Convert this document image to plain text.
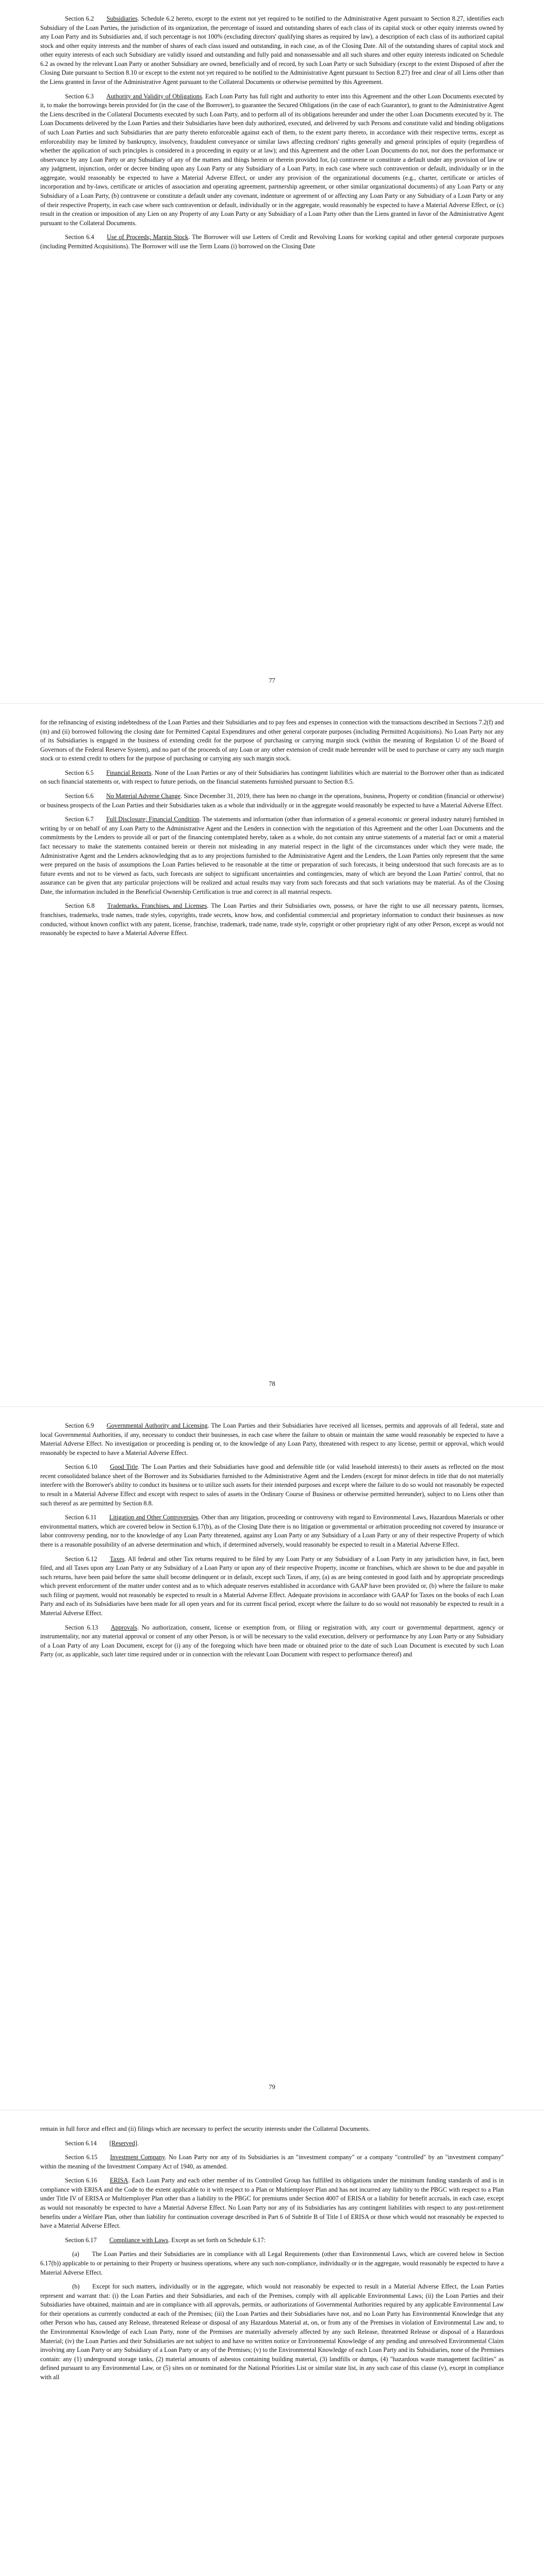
Section 6.2   Subsidiaries. Schedule 6.2 hereto, except to the extent not yet required to be notified to the Administrative Agent pursuant to Section 8.27, identifies each Subsidiary of the Loan Parties, the jurisdiction of its organization, the percentage of issued and outstanding shares of each class of its capital stock or other equity interests owned by any Loan Party and its Subsidiaries and, if such percentage is not 100% (excluding directors' qualifying shares as required by law), a description of each class of its authorized capital stock and other equity interests and the number of shares of each class issued and outstanding, in each case, as of the Closing Date. All of the outstanding shares of capital stock and other equity interests of each such Subsidiary are validly issued and outstanding and fully paid and nonassessable and all such shares and other equity interests indicated on Schedule 6.2 as owned by the relevant Loan Party or another Subsidiary are owned, beneficially and of record, by such Loan Party or such Subsidiary (except to the extent Disposed of after the Closing Date pursuant to Section 8.10 or except to the extent not yet required to be notified to the Administrative Agent pursuant to Section 8.27) free and clear of all Liens other than the Liens granted in favor of the Administrative Agent pursuant to the Collateral Documents or otherwise permitted by this Agreement.

Section 6.3   Authority and Validity of Obligations. Each Loan Party has full right and authority to enter into this Agreement and the other Loan Documents executed by it, to make the borrowings herein provided for (in the case of the Borrower), to guarantee the Secured Obligations (in the case of each Guarantor), to grant to the Administrative Agent the Liens described in the Collateral Documents executed by such Loan Party, and to perform all of its obligations hereunder and under the other Loan Documents executed by it. The Loan Documents delivered by the Loan Parties and their Subsidiaries have been duly authorized, executed, and delivered by such Persons and constitute valid and binding obligations of such Loan Parties and such Subsidiaries that are party thereto enforceable against each of them, to the extent party thereto, in accordance with their respective terms, except as enforceability may be limited by bankruptcy, insolvency, fraudulent conveyance or similar laws affecting creditors' rights generally and general principles of equity (regardless of whether the application of such principles is considered in a proceeding in equity or at law); and this Agreement and the other Loan Documents do not, nor does the performance or observance by any Loan Party or any Subsidiary of any of the matters and things herein or therein provided for, (a) contravene or constitute a default under any provision of law or any judgment, injunction, order or decree binding upon any Loan Party or any Subsidiary of a Loan Party, in each case where such contravention or default, individually or in the aggregate, would reasonably be expected to have a Material Adverse Effect, or under any provision of the organizational documents (e.g., charter, certificate or articles of incorporation and by-laws, certificate or articles of association and operating agreement, partnership agreement, or other similar organizational documents) of any Loan Party or any Subsidiary of a Loan Party, (b) contravene or constitute a default under any covenant, indenture or agreement of or affecting any Loan Party or any Subsidiary of a Loan Party or any of their respective Property, in each case where such contravention or default, individually or in the aggregate, would reasonably be expected to have a Material Adverse Effect, or (c) result in the creation or imposition of any Lien on any Property of any Loan Party or any Subsidiary of a Loan Party other than the Liens granted in favor of the Administrative Agent pursuant to the Collateral Documents.

Section 6.4   Use of Proceeds; Margin Stock. The Borrower will use Letters of Credit and Revolving Loans for working capital and other general corporate purposes (including Permitted Acquisitions). The Borrower will use the Term Loans (i) borrowed on the Closing Date

77

for the refinancing of existing indebtedness of the Loan Parties and their Subsidiaries and to pay fees and expenses in connection with the transactions described in Sections 7.2(f) and (m) and (ii) borrowed following the closing date for Permitted Capital Expenditures and other general corporate purposes (including Permitted Acquisitions). No Loan Party nor any of its Subsidiaries is engaged in the business of extending credit for the purpose of purchasing or carrying margin stock (within the meaning of Regulation U of the Board of Governors of the Federal Reserve System), and no part of the proceeds of any Loan or any other extension of credit made hereunder will be used to purchase or carry any such margin stock or to extend credit to others for the purpose of purchasing or carrying any such margin stock.

Section 6.5   Financial Reports. None of the Loan Parties or any of their Subsidiaries has contingent liabilities which are material to the Borrower other than as indicated on such financial statements or, with respect to future periods, on the financial statements furnished pursuant to Section 8.5.

Section 6.6   No Material Adverse Change. Since December 31, 2019, there has been no change in the operations, business, Property or condition (financial or otherwise) or business prospects of the Loan Parties and their Subsidiaries taken as a whole that individually or in the aggregate would reasonably be expected to have a Material Adverse Effect.

Section 6.7   Full Disclosure; Financial Condition. The statements and information (other than information of a general economic or general industry nature) furnished in writing by or on behalf of any Loan Party to the Administrative Agent and the Lenders in connection with the negotiation of this Agreement and the other Loan Documents and the commitments by the Lenders to provide all or part of the financing contemplated hereby, taken as a whole, do not contain any untrue statements of a material fact or omit a material fact necessary to make the statements contained herein or therein not misleading in any material respect in the light of the circumstances under which they were made, the Administrative Agent and the Lenders acknowledging that as to any projections furnished to the Administrative Agent and the Lenders, the Loan Parties only represent that the same were prepared on the basis of assumptions the Loan Parties believed to be reasonable at the time or preparation of such forecasts, it being understood that such forecasts are as to future events and not to be viewed as facts, such forecasts are subject to significant uncertainties and contingencies, many of which are beyond the Loan Parties' control, that no assurance can be given that any particular projections will be realized and actual results may vary from such forecasts and that such variations may be material. As of the Closing Date, the information included in the Beneficial Ownership Certification is true and correct in all material respects.

Section 6.8   Trademarks, Franchises, and Licenses. The Loan Parties and their Subsidiaries own, possess, or have the right to use all necessary patents, licenses, franchises, trademarks, trade names, trade styles, copyrights, trade secrets, know how, and confidential commercial and proprietary information to conduct their businesses as now conducted, without known conflict with any patent, license, franchise, trademark, trade name, trade style, copyright or other proprietary right of any other Person, except as would not reasonably be expected to have a Material Adverse Effect.

78

Section 6.9   Governmental Authority and Licensing. The Loan Parties and their Subsidiaries have received all licenses, permits and approvals of all federal, state and local Governmental Authorities, if any, necessary to conduct their businesses, in each case where the failure to obtain or maintain the same would reasonably be expected to have a Material Adverse Effect. No investigation or proceeding is pending or, to the knowledge of any Loan Party, threatened with respect to any license, permit or approval, which would reasonably be expected to have a Material Adverse Effect.

Section 6.10   Good Title. The Loan Parties and their Subsidiaries have good and defensible title (or valid leasehold interests) to their assets as reflected on the most recent consolidated balance sheet of the Borrower and its Subsidiaries furnished to the Administrative Agent and the Lenders (except for minor defects in title that do not materially interfere with the Borrower's ability to conduct its business or to utilize such assets for their intended purposes and except where the failure to do so would not reasonably be expected to result in a Material Adverse Effect and except with respect to sales of assets in the Ordinary Course of Business or otherwise permitted hereunder), subject to no Liens other than such thereof as are permitted by Section 8.8.

Section 6.11   Litigation and Other Controversies. Other than any litigation, proceeding or controversy with regard to Environmental Laws, Hazardous Materials or other environmental matters, which are covered below in Section 6.17(b), as of the Closing Date there is no litigation or governmental or arbitration proceeding not covered by insurance or labor controversy pending, nor to the knowledge of any Loan Party threatened, against any Loan Party or any Subsidiary of a Loan Party or any of their respective Property of which there is a reasonable possibility of an adverse determination and which, if determined adversely, would reasonably be expected to result in a Material Adverse Effect.

Section 6.12   Taxes. All federal and other Tax returns required to be filed by any Loan Party or any Subsidiary of a Loan Party in any jurisdiction have, in fact, been filed, and all Taxes upon any Loan Party or any Subsidiary of a Loan Party or upon any of their respective Property, income or franchises, which are shown to be due and payable in such returns, have been paid before the same shall become delinquent or in default, except such Taxes, if any, (a) as are being contested in good faith and by appropriate proceedings which prevent enforcement of the matter under contest and as to which adequate reserves established in accordance with GAAP have been provided or, (b) where the failure to make such filing or payment, would not reasonably be expected to result in a Material Adverse Effect. Adequate provisions in accordance with GAAP for Taxes on the books of each Loan Party and each of its Subsidiaries have been made for all open years and for its current fiscal period, except where the failure to do so would not reasonably be expected to result in a Material Adverse Effect.

Section 6.13   Approvals. No authorization, consent, license or exemption from, or filing or registration with, any court or governmental department, agency or instrumentality, nor any material approval or consent of any other Person, is or will be necessary to the valid execution, delivery or performance by any Loan Party or any Subsidiary of a Loan Party of any Loan Document, except for (i) any of the foregoing which have been made or obtained prior to the date of such Loan Document is executed by such Loan Party (or, as applicable, such later time required under or in connection with the relevant Loan Document with respect to performance thereof) and

79

remain in full force and effect and (ii) filings which are necessary to perfect the security interests under the Collateral Documents.

Section 6.14   [Reserved].

Section 6.15   Investment Company. No Loan Party nor any of its Subsidiaries is an "investment company" or a company "controlled" by an "investment company" within the meaning of the Investment Company Act of 1940, as amended.

Section 6.16   ERISA. Each Loan Party and each other member of its Controlled Group has fulfilled its obligations under the minimum funding standards of and is in compliance with ERISA and the Code to the extent applicable to it with respect to a Plan or Multiemployer Plan and has not incurred any liability to the PBGC with respect to a Plan under Title IV of ERISA or Multiemployer Plan other than a liability to the PBGC for premiums under Section 4007 of ERISA or a liability for benefit accruals, in each case, except as would not reasonably be expected to have a Material Adverse Effect. No Loan Party nor any of its Subsidiaries has any contingent liabilities with respect to any post-retirement benefits under a Welfare Plan, other than liability for continuation coverage described in Part 6 of Subtitle B of Title I of ERISA or those which would not reasonably be expected to have a Material Adverse Effect.

Section 6.17   Compliance with Laws. Except as set forth on Schedule 6.17:

(a)   The Loan Parties and their Subsidiaries are in compliance with all Legal Requirements (other than Environmental Laws, which are covered below in Section 6.17(b)) applicable to or pertaining to their Property or business operations, where any such non-compliance, individually or in the aggregate, would reasonably be expected to have a Material Adverse Effect.

(b)   Except for such matters, individually or in the aggregate, which would not reasonably be expected to result in a Material Adverse Effect, the Loan Parties represent and warrant that: (i) the Loan Parties and their Subsidiaries, and each of the Premises, comply with all applicable Environmental Laws; (ii) the Loan Parties and their Subsidiaries have obtained, maintain and are in compliance with all approvals, permits, or authorizations of Governmental Authorities required by any applicable Environmental Law for their operations as currently conducted at each of the Premises; (iii) the Loan Parties and their Subsidiaries have not, and no Loan Party has Environmental Knowledge that any other Person who has, caused any Release, threatened Release or disposal of any Hazardous Material at, on, or from any of the Premises in violation of Environmental Law and, to the Environmental Knowledge of each Loan Party, none of the Premises are materially adversely affected by any such Release, threatened Release or disposal of a Hazardous Material; (iv) the Loan Parties and their Subsidiaries are not subject to and have no written notice or Environmental Knowledge of any pending and unresolved Environmental Claim involving any Loan Party or any Subsidiary of a Loan Party or any of the Premises; (v) to the Environmental Knowledge of each Loan Party and its Subsidiaries, none of the Premises contain: any (1) underground storage tanks, (2) material amounts of asbestos containing building material, (3) landfills or dumps, (4) "hazardous waste management facilities" as defined pursuant to any Environmental Law, or (5) sites on or nominated for the National Priorities List or similar state list, in any such case of this clause (v), except in compliance with all
